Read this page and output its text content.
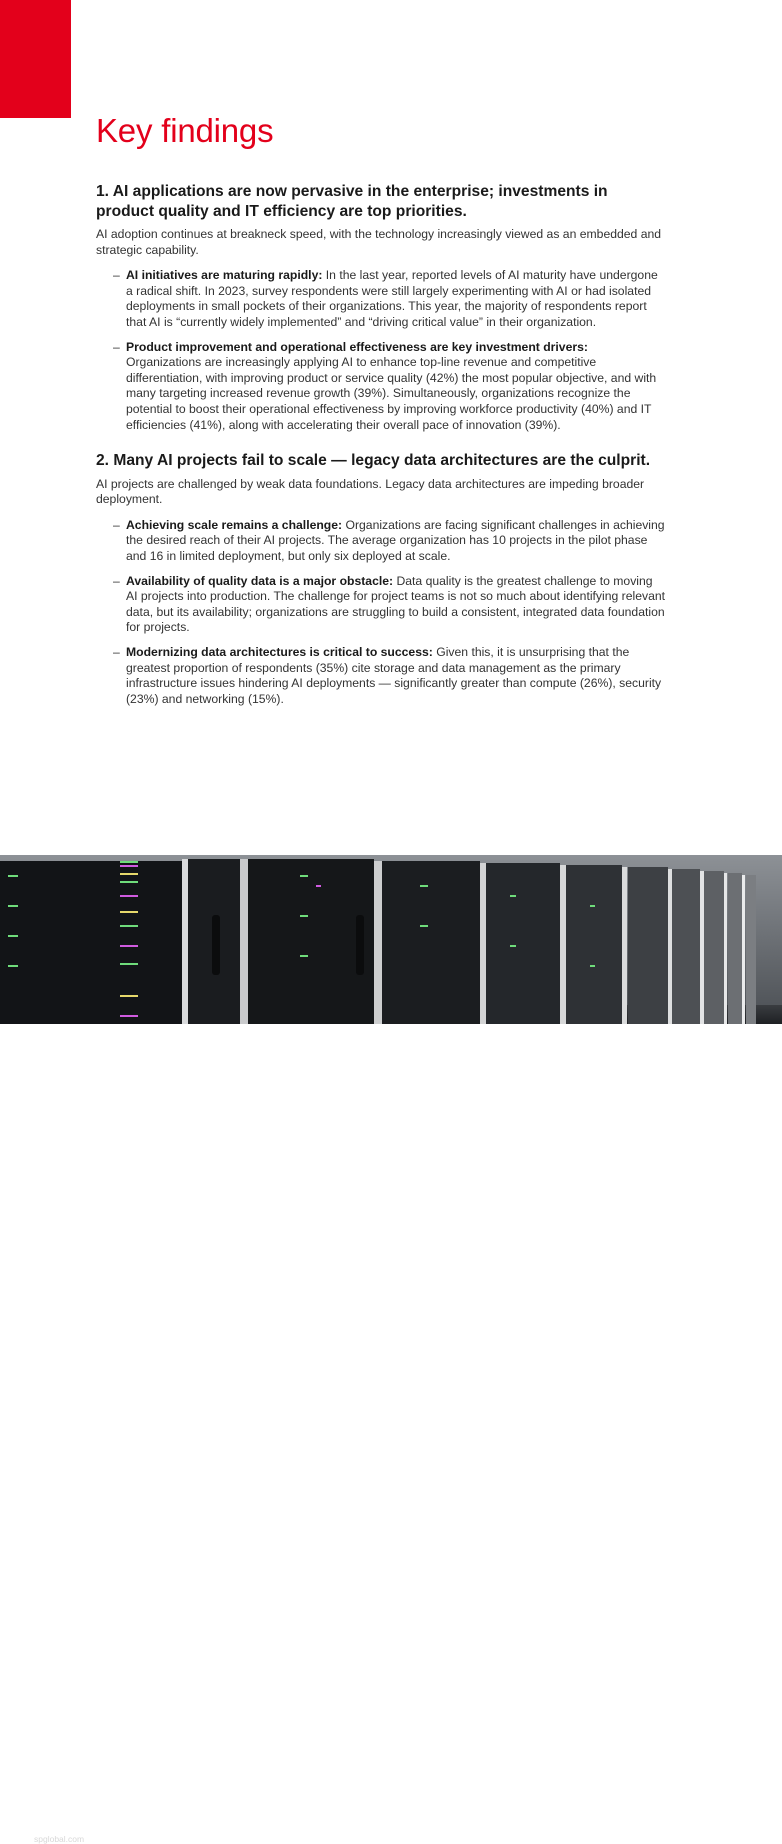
Key findings
1. AI applications are now pervasive in the enterprise; investments in product quality and IT efficiency are top priorities.

AI adoption continues at breakneck speed, with the technology increasingly viewed as an embedded and strategic capability.

– AI initiatives are maturing rapidly: In the last year, reported levels of AI maturity have undergone a radical shift. In 2023, survey respondents were still largely experimenting with AI or had isolated deployments in small pockets of their organizations. This year, the majority of respondents report that AI is “currently widely implemented” and “driving critical value” in their organization.
– Product improvement and operational effectiveness are key investment drivers: Organizations are increasingly applying AI to enhance top-line revenue and competitive differentiation, with improving product or service quality (42%) the most popular objective, and with many targeting increased revenue growth (39%). Simultaneously, organizations recognize the potential to boost their operational effectiveness by improving workforce productivity (40%) and IT efficiencies (41%), along with accelerating their overall pace of innovation (39%).
2. Many AI projects fail to scale — legacy data architectures are the culprit.

AI projects are challenged by weak data foundations. Legacy data architectures are impeding broader deployment.

– Achieving scale remains a challenge: Organizations are facing significant challenges in achieving the desired reach of their AI projects. The average organization has 10 projects in the pilot phase and 16 in limited deployment, but only six deployed at scale.
– Availability of quality data is a major obstacle: Data quality is the greatest challenge to moving AI projects into production. The challenge for project teams is not so much about identifying relevant data, but its availability; organizations are struggling to build a consistent, integrated data foundation for projects.
– Modernizing data architectures is critical to success: Given this, it is unsurprising that the greatest proportion of respondents (35%) cite storage and data management as the primary infrastructure issues hindering AI deployments — significantly greater than compute (26%), security (23%) and networking (15%).
spglobal.com	2024 Global Trends in AI | 4
